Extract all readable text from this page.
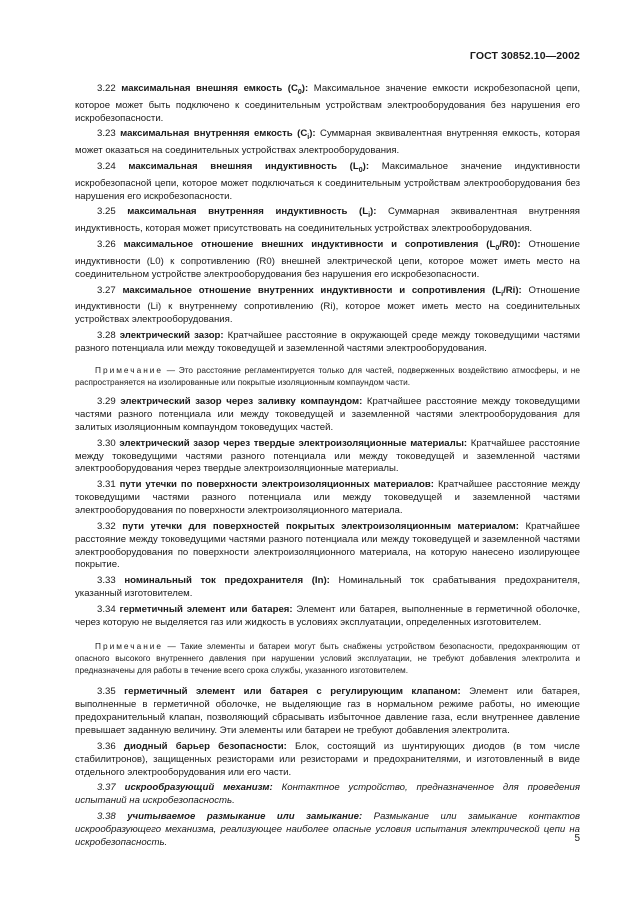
ГОСТ 30852.10—2002

3.22 максимальная внешняя емкость $(C_0)$: Максимальное значение емкости искробезопасной цепи, которое может быть подключено к соединительным устройствам электрооборудования без нарушения его искробезопасности.

3.23 максимальная внутренняя емкость $(C_i)$: Суммарная эквивалентная внутренняя емкость, которая может оказаться на соединительных устройствах электрооборудования.

3.24 максимальная внешняя индуктивность $(L_0)$: Максимальное значение индуктивности искробезопасной цепи, которое может подключаться к соединительным устройствам электрооборудования без нарушения его искробезопасности.

3.25 максимальная внутренняя индуктивность $(L_i)$: Суммарная эквивалентная внутренняя индуктивность, которая может присутствовать на соединительных устройствах электрооборудования.

3.26 максимальное отношение внешних индуктивности и сопротивления $(L_0/R0)$: Отношение индуктивности (L0) к сопротивлению (R0) внешней электрической цепи, которое может иметь место на соединительном устройстве электрооборудования без нарушения его искробезопасности.

3.27 максимальное отношение внутренних индуктивности и сопротивления $(L_i/Ri)$: Отношение индуктивности (Li) к внутреннему сопротивлению (Ri), которое может иметь место на соединительных устройствах электрооборудования.

3.28 электрический зазор: Кратчайшее расстояние в окружающей среде между токоведущими частями разного потенциала или между токоведущей и заземленной частями электрооборудования.

Примечание — Это расстояние регламентируется только для частей, подверженных воздействию атмосферы, и не распространяется на изолированные или покрытые изоляционным компаундом части.

3.29 электрический зазор через заливку компаундом: Кратчайшее расстояние между токоведущими частями разного потенциала или между токоведущей и заземленной частями электрооборудования для залитых изоляционным компаундом токоведущих частей.

3.30 электрический зазор через твердые электроизоляционные материалы: Кратчайшее расстояние между токоведущими частями разного потенциала или между токоведущей и заземленной частями электрооборудования через твердые электроизоляционные материалы.

3.31 пути утечки по поверхности электроизоляционных материалов: Кратчайшее расстояние между токоведущими частями разного потенциала или между токоведущей и заземленной частями электрооборудования по поверхности электроизоляционного материала.

3.32 пути утечки для поверхностей покрытых электроизоляционным материалом: Кратчайшее расстояние между токоведущими частями разного потенциала или между токоведущей и заземленной частями электрооборудования по поверхности электроизоляционного материала, на которую нанесено изолирующее покрытие.

3.33 номинальный ток предохранителя (In): Номинальный ток срабатывания предохранителя, указанный изготовителем.

3.34 герметичный элемент или батарея: Элемент или батарея, выполненные в герметичной оболочке, через которую не выделяется газ или жидкость в условиях эксплуатации, определенных изготовителем.

Примечание — Такие элементы и батареи могут быть снабжены устройством безопасности, предохраняющим от опасного высокого внутреннего давления при нарушении условий эксплуатации, не требуют добавления электролита и предназначены для работы в течение всего срока службы, указанного изготовителем.

3.35 герметичный элемент или батарея с регулирующим клапаном: Элемент или батарея, выполненные в герметичной оболочке, не выделяющие газ в нормальном режиме работы, но имеющие предохранительный клапан, позволяющий сбрасывать избыточное давление газа, если внутреннее давление превышает заданную величину. Эти элементы или батареи не требуют добавления электролита.

3.36 диодный барьер безопасности: Блок, состоящий из шунтирующих диодов (в том числе стабилитронов), защищенных резисторами или резисторами и предохранителями, и изготовленный в виде отдельного электрооборудования или его части.

3.37 искрообразующий механизм: Контактное устройство, предназначенное для проведения испытаний на искробезопасность.

3.38 учитываемое размыкание или замыкание: Размыкание или замыкание контактов искрообразующего механизма, реализующее наиболее опасные условия испытания электрической цепи на искробезопасность.	5
